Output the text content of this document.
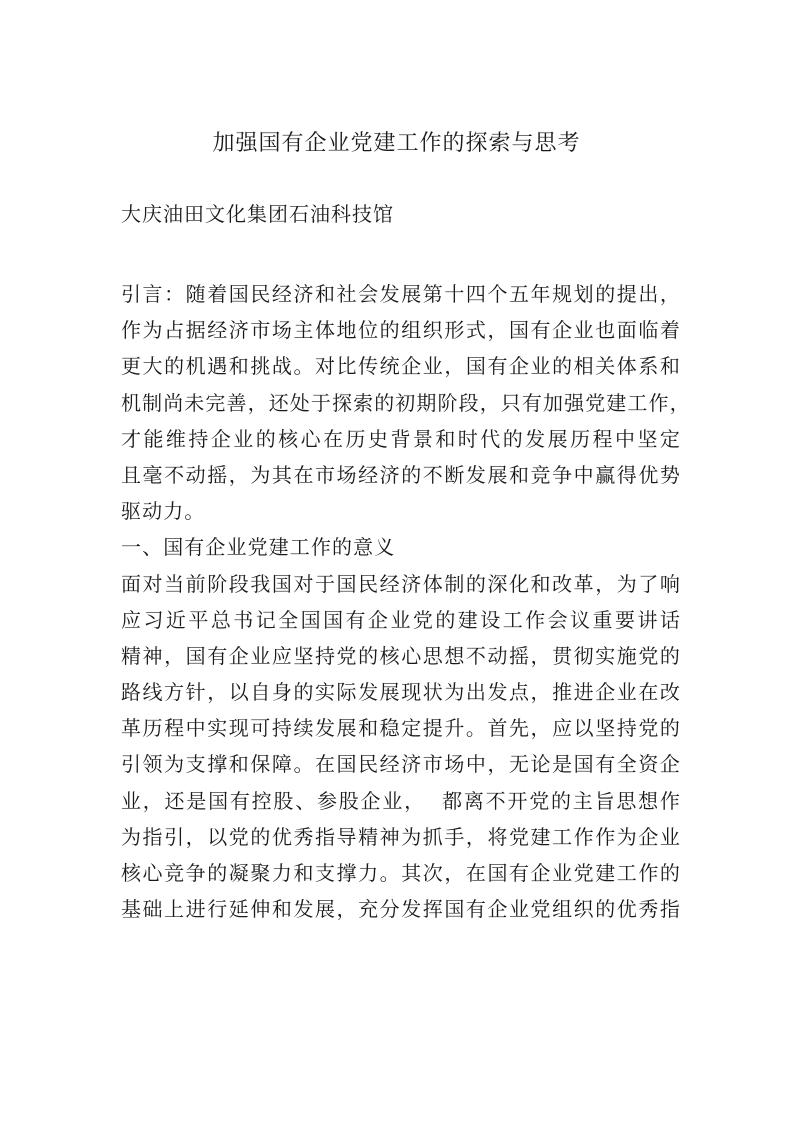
加强国有企业党建工作的探索与思考

大庆油田文化集团石油科技馆

引言：随着国民经济和社会发展第十四个五年规划的提出，
作为占据经济市场主体地位的组织形式，国有企业也面临着
更大的机遇和挑战。对比传统企业，国有企业的相关体系和
机制尚未完善，还处于探索的初期阶段，只有加强党建工作，
才能维持企业的核心在历史背景和时代的发展历程中坚定
且毫不动摇，为其在市场经济的不断发展和竞争中赢得优势
驱动力。
一、国有企业党建工作的意义
面对当前阶段我国对于国民经济体制的深化和改革，为了响
应习近平总书记全国国有企业党的建设工作会议重要讲话
精神，国有企业应坚持党的核心思想不动摇，贯彻实施党的
路线方针，以自身的实际发展现状为出发点，推进企业在改
革历程中实现可持续发展和稳定提升。首先，应以坚持党的
引领为支撑和保障。在国民经济市场中，无论是国有全资企
业，还是国有控股、参股企业，  都离不开党的主旨思想作
为指引，以党的优秀指导精神为抓手，将党建工作作为企业
核心竞争的凝聚力和支撑力。其次，在国有企业党建工作的
基础上进行延伸和发展，充分发挥国有企业党组织的优秀指
